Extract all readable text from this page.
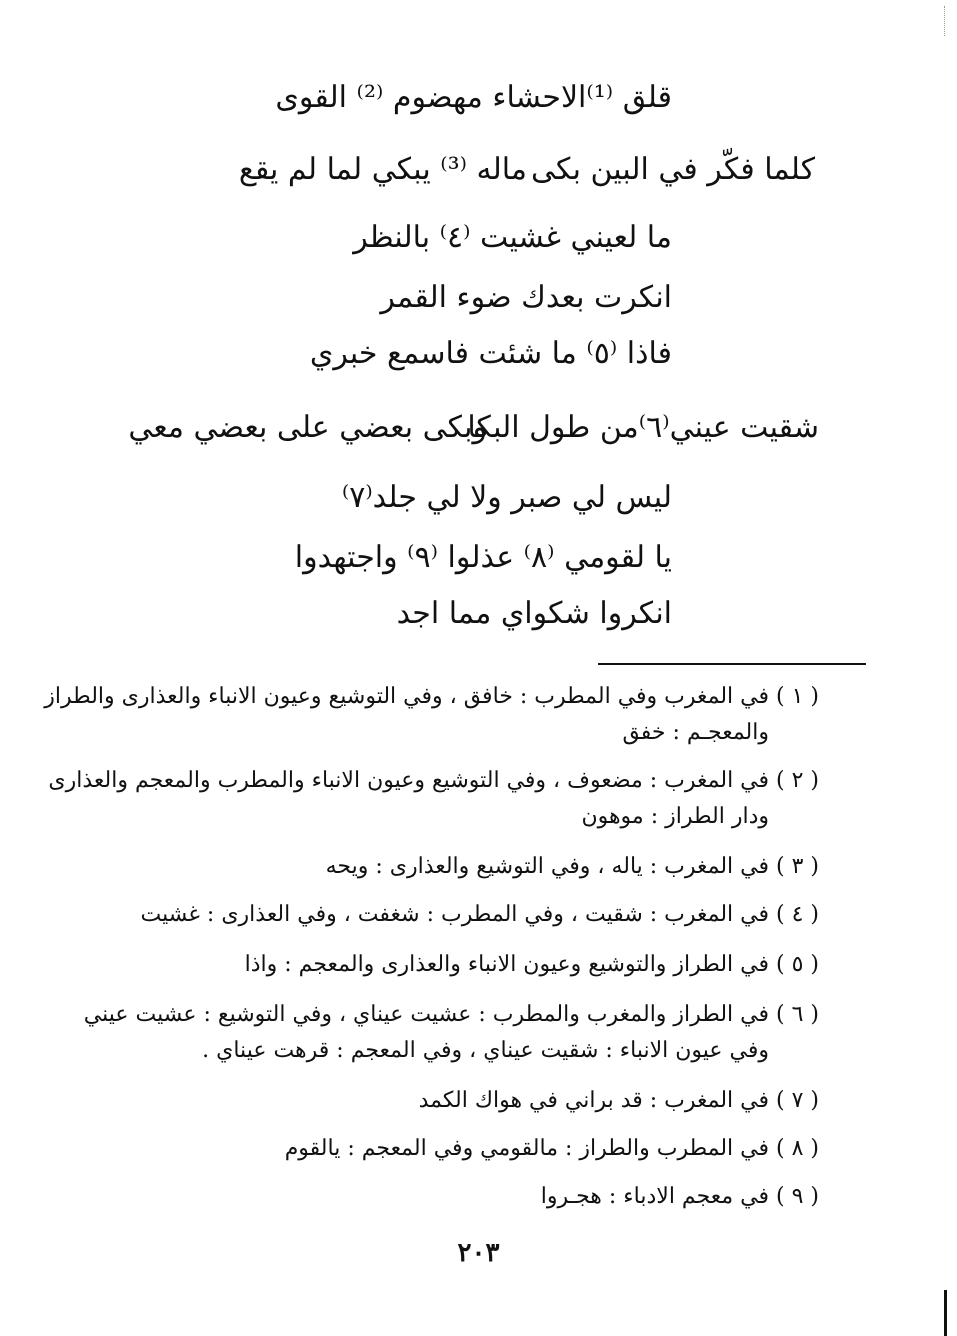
قلق ⁽¹⁾الاحشاء مهضوم ⁽²⁾ القوى
كلما فكّر في البين بكى
ماله ⁽³⁾ يبكي لما لم يقع
ما لعيني غشيت ⁽٤⁾ بالنظر
انكرت بعدك ضوء القمر
فاذا ⁽٥⁾ ما شئت فاسمع خبري
شقيت عيني⁽٦⁾من طول البكا
وبكى بعضي على بعضي معي
ليس لي صبر ولا لي جلد⁽٧⁾
يا لقومي ⁽٨⁾ عذلوا ⁽٩⁾ واجتهدوا
انكروا شكواي مما اجد
( ١ ) في المغرب وفي المطرب : خافق ، وفي التوشيع وعيون الانباء والعذارى والطراز
والمعجـم : خفق
( ٢ ) في المغرب : مضعوف ، وفي التوشيع وعيون الانباء والمطرب والمعجم والعذارى
ودار الطراز : موهون
( ٣ ) في المغرب : ياله ، وفي التوشيع والعذارى : ويحه
( ٤ ) في المغرب : شقيت ، وفي المطرب : شغفت ، وفي العذارى : غشيت
( ٥ ) في الطراز والتوشيع وعيون الانباء والعذارى والمعجم : واذا
( ٦ ) في الطراز والمغرب والمطرب : عشيت عيناي ، وفي التوشيع : عشيت عيني
وفي عيون الانباء : شقيت عيناي ، وفي المعجم : قرهت عيناي .
( ٧ ) في المغرب : قد براني في هواك الكمد
( ٨ ) في المطرب والطراز : مالقومي وفي المعجم : يالقوم
( ٩ ) في معجم الادباء : هجـروا
٢٠٣
